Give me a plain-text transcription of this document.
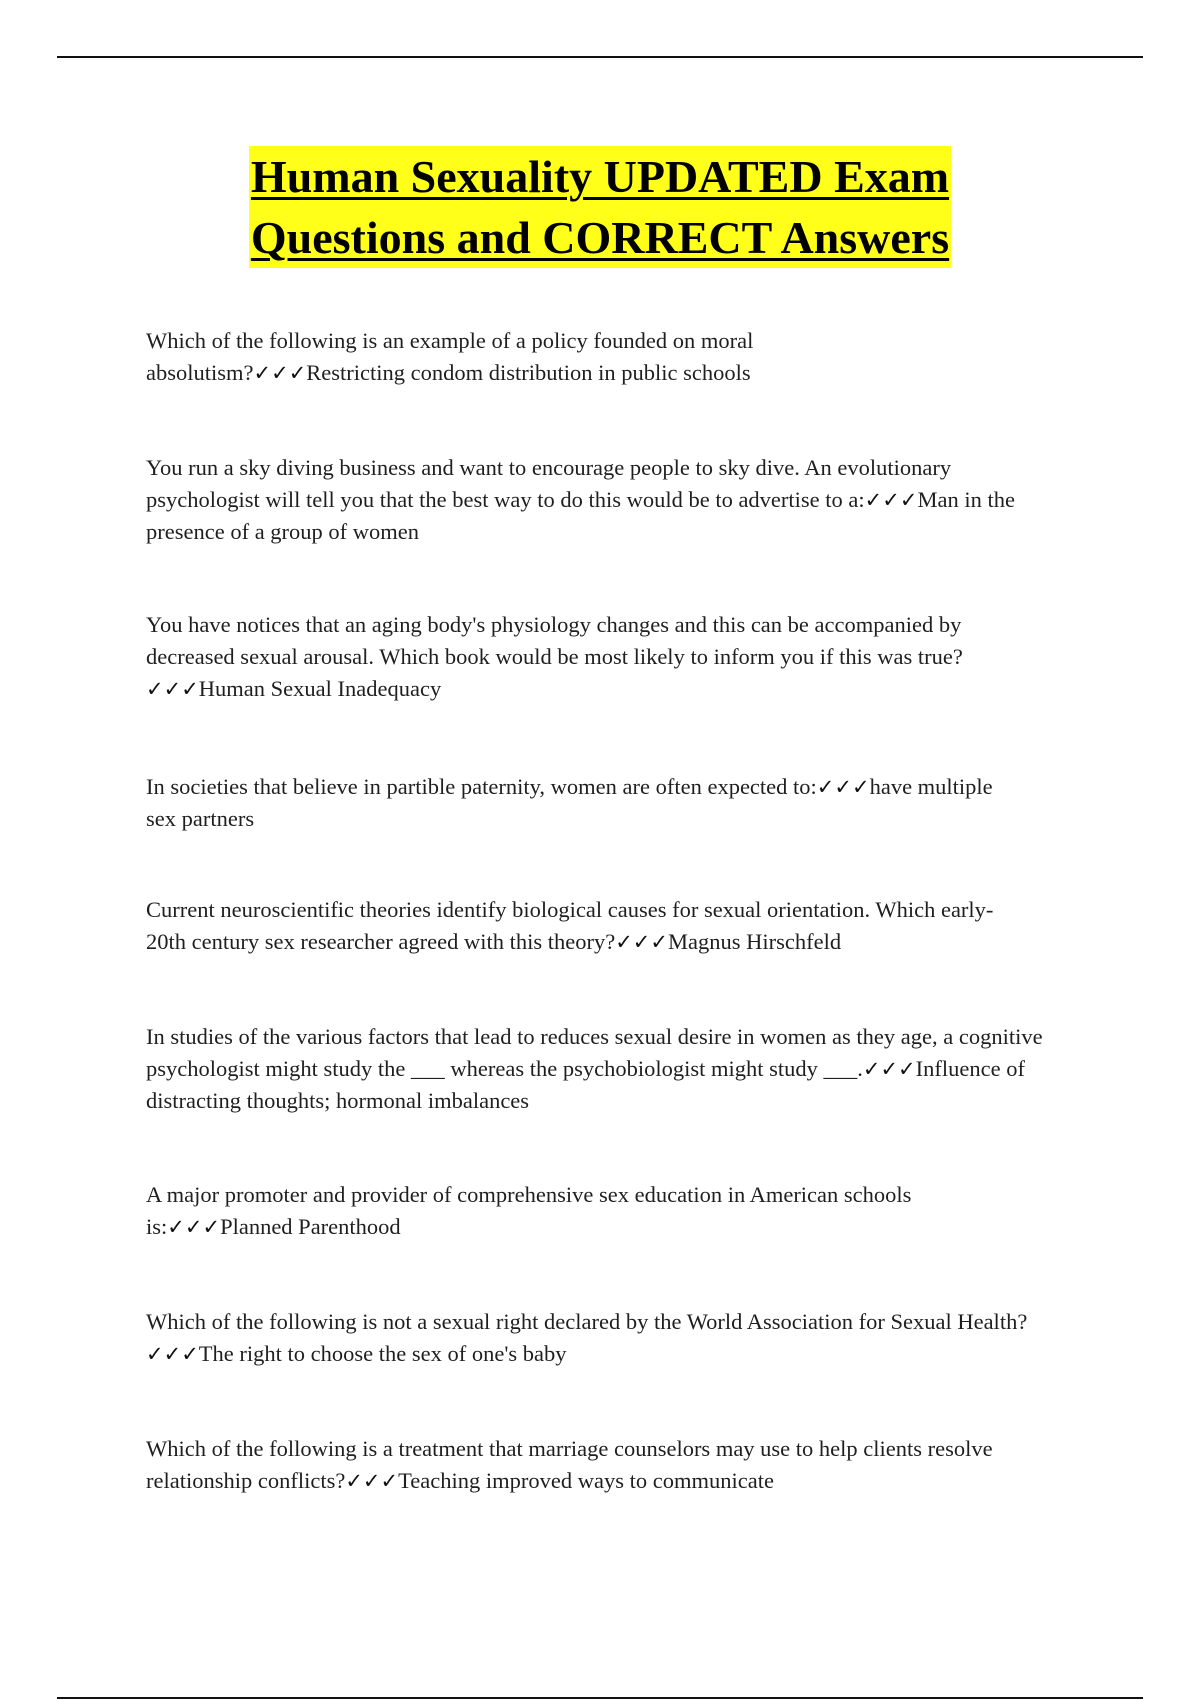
Human Sexuality UPDATED Exam
Questions and CORRECT Answers
Which of the following is an example of a policy founded on moral absolutism?✓✓✓Restricting condom distribution in public schools
You run a sky diving business and want to encourage people to sky dive. An evolutionary psychologist will tell you that the best way to do this would be to advertise to a:✓✓✓Man in the presence of a group of women
You have notices that an aging body's physiology changes and this can be accompanied by decreased sexual arousal. Which book would be most likely to inform you if this was true?✓✓✓Human Sexual Inadequacy
In societies that believe in partible paternity, women are often expected to:✓✓✓have multiple sex partners
Current neuroscientific theories identify biological causes for sexual orientation. Which early-20th century sex researcher agreed with this theory?✓✓✓Magnus Hirschfeld
In studies of the various factors that lead to reduces sexual desire in women as they age, a cognitive psychologist might study the ___ whereas the psychobiologist might study ___.✓✓✓Influence of distracting thoughts; hormonal imbalances
A major promoter and provider of comprehensive sex education in American schools is:✓✓✓Planned Parenthood
Which of the following is not a sexual right declared by the World Association for Sexual Health?✓✓✓The right to choose the sex of one's baby
Which of the following is a treatment that marriage counselors may use to help clients resolve relationship conflicts?✓✓✓Teaching improved ways to communicate
